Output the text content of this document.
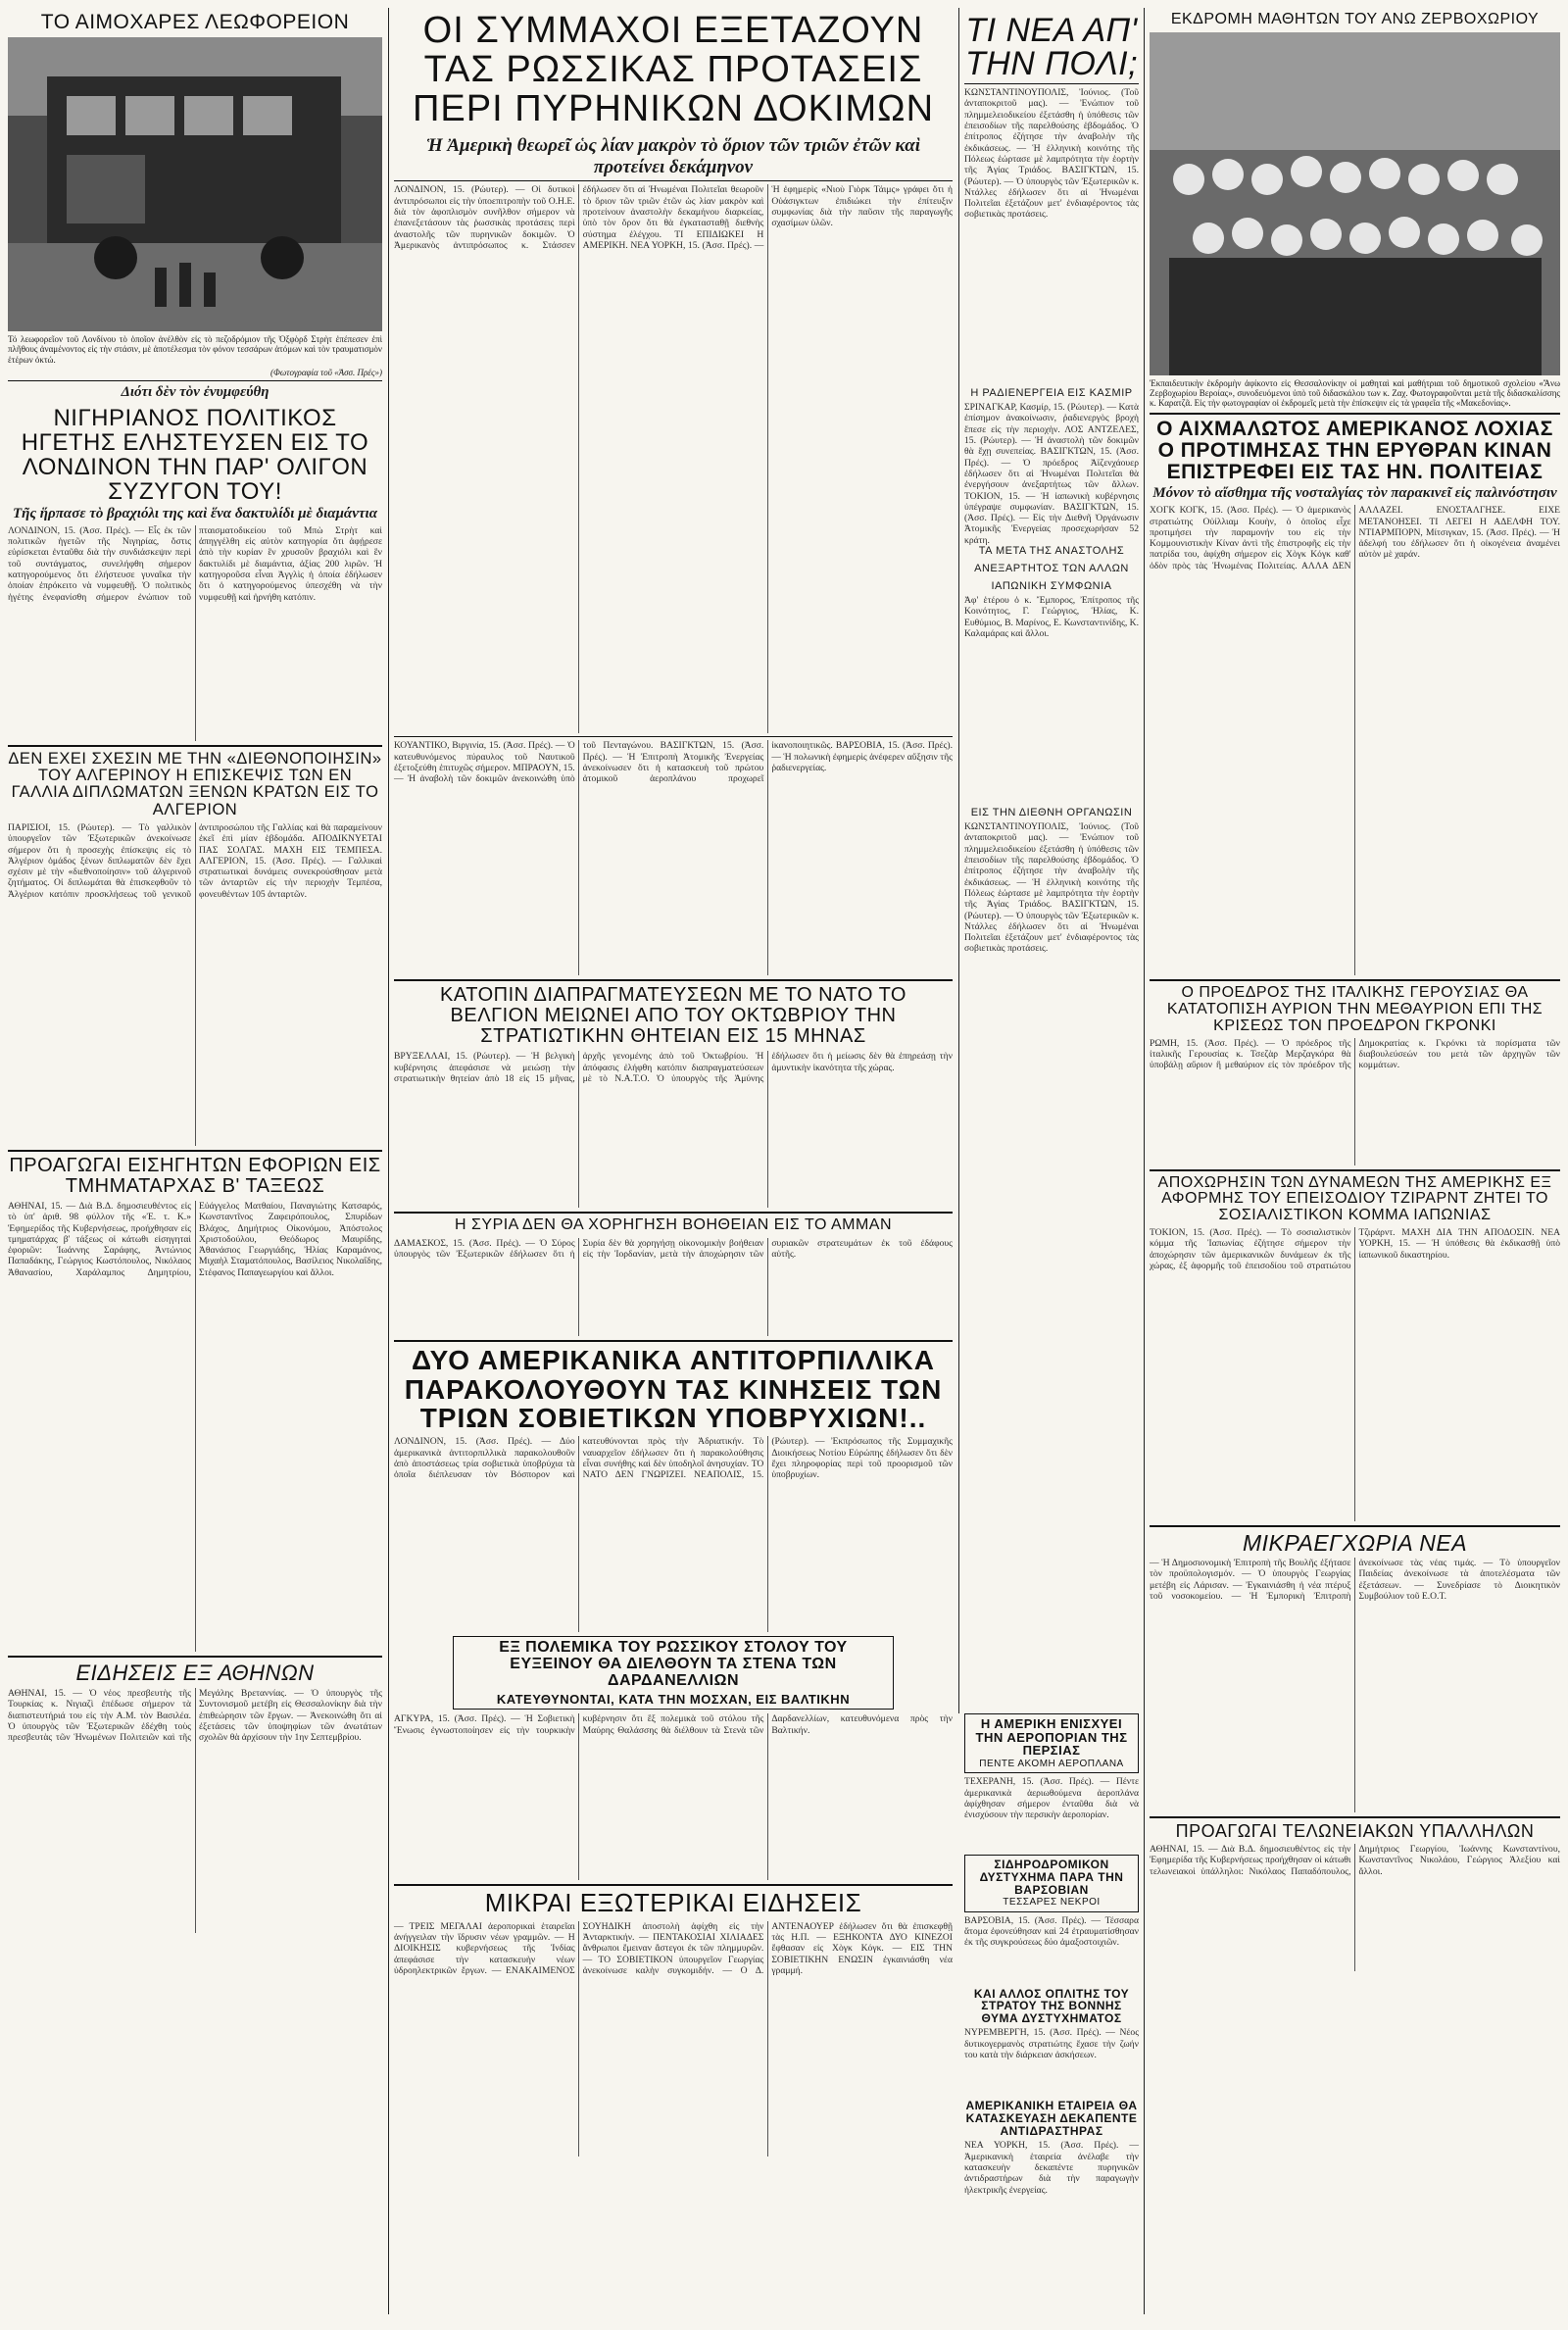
ΤΟ ΑΙΜΟΧΑΡΕΣ ΛΕΩΦΟΡΕΙΟΝ

Τό λεωφορεῖον τοῦ Λονδίνου τὸ ὁποῖον ἀνέλθὸν εἰς τὸ πεζοδρόμιον τῆς Ὀξφὸρδ Στρὴτ ἐπέπεσεν ἐπὶ πλῆθους ἀναμένοντος εἰς τὴν στάσιν, μὲ ἀποτέλεσμα τὸν φόνον τεσσάρων ἀτόμων καὶ τὸν τραυματισμὸν ἑτέρων ὀκτώ.

(Φωτογραφία τοῦ «Ἀσσ. Πρές»)

Διότι δὲν τὸν ἐνυμφεύθη
ΝΙΓΗΡΙΑΝΟΣ ΠΟΛΙΤΙΚΟΣ ΗΓΕΤΗΣ ΕΛΗΣΤΕΥΣΕΝ ΕΙΣ ΤΟ ΛΟΝΔΙΝΟΝ ΤΗΝ ΠΑΡ' ΟΛΙΓΟΝ ΣΥΖΥΓΟΝ ΤΟΥ!
Τῆς ἥρπασε τὸ βραχιόλι της καὶ ἕνα δακτυλίδι μὲ διαμάντια

ΛΟΝΔΙΝΟΝ, 15. (Ἀσσ. Πρές). — Εἷς ἐκ τῶν πολιτικῶν ἡγετῶν τῆς Νιγηρίας, ὅστις εὑρίσκεται ἐνταῦθα διὰ τὴν συνδιάσκεψιν περὶ τοῦ συντάγματος, συνελήφθη σήμερον κατηγορούμενος ὅτι ἐλήστευσε γυναῖκα τὴν ὁποίαν ἐπρόκειτο νὰ νυμφευθῇ. Ὁ πολιτικὸς ἡγέτης ἐνεφανίσθη σήμερον ἐνώπιον τοῦ πταισματοδικείου τοῦ Μπὼ Στρὴτ καὶ ἀπηγγέλθη εἰς αὐτὸν κατηγορία ὅτι ἀφῄρεσε ἀπὸ τὴν κυρίαν ἓν χρυσοῦν βραχιόλι καὶ ἓν δακτυλίδι μὲ διαμάντια, ἀξίας 200 λιρῶν. Ἡ κατηγοροῦσα εἶναι Ἀγγλὶς ἡ ὁποία ἐδήλωσεν ὅτι ὁ κατηγορούμενος ὑπεσχέθη νὰ τὴν νυμφευθῇ καὶ ἠρνήθη κατόπιν.

ΔΕΝ ΕΧΕΙ ΣΧΕΣΙΝ ΜΕ ΤΗΝ «ΔΙΕΘΝΟΠΟΙΗΣΙΝ» ΤΟΥ ΑΛΓΕΡΙΝΟΥ Η ΕΠΙΣΚΕΨΙΣ ΤΩΝ ΕΝ ΓΑΛΛΙΑ ΔΙΠΛΩΜΑΤΩΝ ΞΕΝΩΝ ΚΡΑΤΩΝ ΕΙΣ ΤΟ ΑΛΓΕΡΙΟΝ

ΠΑΡΙΣΙΟΙ, 15. (Ρώυτερ). — Τὸ γαλλικὸν ὑπουργεῖον τῶν Ἐξωτερικῶν ἀνεκοίνωσε σήμερον ὅτι ἡ προσεχὴς ἐπίσκεψις εἰς τὸ Ἀλγέριον ὁμάδος ξένων διπλωματῶν δὲν ἔχει σχέσιν μὲ τὴν «διεθνοποίησιν» τοῦ ἀλγερινοῦ ζητήματος. Οἱ διπλωμάται θὰ ἐπισκεφθοῦν τὸ Ἀλγέριον κατόπιν προσκλήσεως τοῦ γενικοῦ ἀντιπροσώπου τῆς Γαλλίας καὶ θὰ παραμείνουν ἐκεῖ ἐπὶ μίαν ἑβδομάδα. ΑΠΟΔΙΚΝΥΕΤΑΙ ΠΑΣ ΣΟΛΓΑΣ. ΜΑΧΗ ΕΙΣ ΤΕΜΠΕΣΑ. ΑΛΓΕΡΙΟΝ, 15. (Ἀσσ. Πρές). — Γαλλικαὶ στρατιωτικαὶ δυνάμεις συνεκρούσθησαν μετὰ τῶν ἀνταρτῶν εἰς τὴν περιοχὴν Τεμπέσα, φονευθέντων 105 ἀνταρτῶν.

ΠΡΟΑΓΩΓΑΙ ΕΙΣΗΓΗΤΩΝ ΕΦΟΡΙΩΝ ΕΙΣ ΤΜΗΜΑΤΑΡΧΑΣ Β' ΤΑΞΕΩΣ

ΑΘΗΝΑΙ, 15. — Διὰ Β.Δ. δημοσιευθέντος εἰς τὸ ὑπ' ἀριθ. 98 φύλλον τῆς «Ἐ. τ. Κ.» Ἐφημερίδος τῆς Κυβερνήσεως, προήχθησαν εἰς τμηματάρχας β' τάξεως οἱ κάτωθι εἰσηγηταὶ ἐφοριῶν: Ἰωάννης Σαράφης, Ἀντώνιος Παπαδάκης, Γεώργιος Κωστόπουλος, Νικόλαος Ἀθανασίου, Χαράλαμπος Δημητρίου, Εὐάγγελος Ματθαίου, Παναγιώτης Κατσαρός, Κωνσταντῖνος Ζαφειρόπουλος, Σπυρίδων Βλάχος, Δημήτριος Οἰκονόμου, Ἀπόστολος Χριστοδούλου, Θεόδωρος Μαυρίδης, Ἀθανάσιος Γεωργιάδης, Ἠλίας Καραμάνος, Μιχαὴλ Σταματόπουλος, Βασίλειος Νικολαΐδης, Στέφανος Παπαγεωργίου καὶ ἄλλοι.

ΕΙΔΗΣΕΙΣ ΕΞ ΑΘΗΝΩΝ

ΑΘΗΝΑΙ, 15. — Ὁ νέος πρεσβευτὴς τῆς Τουρκίας κ. Νιγιαζὶ ἐπέδωσε σήμερον τὰ διαπιστευτήριά του εἰς τὴν Α.Μ. τὸν Βασιλέα. Ὁ ὑπουργὸς τῶν Ἐξωτερικῶν ἐδέχθη τοὺς πρεσβευτὰς τῶν Ἡνωμένων Πολιτειῶν καὶ τῆς Μεγάλης Βρεταννίας. — Ὁ ὑπουργὸς τῆς Συντονισμοῦ μετέβη εἰς Θεσσαλονίκην διὰ τὴν ἐπιθεώρησιν τῶν ἔργων. — Ἀνεκοινώθη ὅτι αἱ ἐξετάσεις τῶν ὑποψηφίων τῶν ἀνωτάτων σχολῶν θὰ ἀρχίσουν τὴν 1ην Σεπτεμβρίου.

ΟΙ ΣΥΜΜΑΧΟΙ ΕΞΕΤΑΖΟΥΝ ΤΑΣ ΡΩΣΣΙΚΑΣ ΠΡΟΤΑΣΕΙΣ ΠΕΡΙ ΠΥΡΗΝΙΚΩΝ ΔΟΚΙΜΩΝ
Ἡ Ἀμερικὴ θεωρεῖ ὡς λίαν μακρὸν τὸ ὅριον τῶν τριῶν ἐτῶν καὶ προτείνει δεκάμηνον

ΛΟΝΔΙΝΟΝ, 15. (Ρώυτερ). — Οἱ δυτικοὶ ἀντιπρόσωποι εἰς τὴν ὑποεπιτροπὴν τοῦ Ο.Η.Ε. διὰ τὸν ἀφοπλισμὸν συνῆλθον σήμερον νὰ ἐπανεξετάσουν τὰς ῥωσσικὰς προτάσεις περὶ ἀναστολῆς τῶν πυρηνικῶν δοκιμῶν. Ὁ Ἀμερικανὸς ἀντιπρόσωπος κ. Στάσσεν ἐδήλωσεν ὅτι αἱ Ἡνωμέναι Πολιτεῖαι θεωροῦν τὸ ὅριον τῶν τριῶν ἐτῶν ὡς λίαν μακρὸν καὶ προτείνουν ἀναστολὴν δεκαμήνου διαρκείας, ὑπὸ τὸν ὅρον ὅτι θὰ ἐγκατασταθῇ διεθνὴς σύστημα ἐλέγχου. ΤΙ ΕΠΙΔΙΩΚΕΙ Η ΑΜΕΡΙΚΗ. ΝΕΑ ΥΟΡΚΗ, 15. (Ἀσσ. Πρές). — Ἡ ἐφημερὶς «Νιοὺ Γιὸρκ Τάιμς» γράφει ὅτι ἡ Οὐάσιγκτων ἐπιδιώκει τὴν ἐπίτευξιν συμφωνίας διὰ τὴν παῦσιν τῆς παραγωγῆς σχασίμων ὑλῶν.

ΚΟΥΑΝΤΙΚΟ, Βιργινία, 15. (Ἀσσ. Πρές). — Ὁ κατευθυνόμενος πύραυλος τοῦ Ναυτικοῦ ἐξετοξεύθη ἐπιτυχῶς σήμερον. ΜΠΡΑΟΥΝ, 15. — Ἡ ἀναβολὴ τῶν δοκιμῶν ἀνεκοινώθη ὑπὸ τοῦ Πενταγώνου. ΒΑΣΙΓΚΤΩΝ, 15. (Ἀσσ. Πρές). — Ἡ Ἐπιτροπὴ Ἀτομικῆς Ἐνεργείας ἀνεκοίνωσεν ὅτι ἡ κατασκευὴ τοῦ πρώτου ἀτομικοῦ ἀεροπλάνου προχωρεῖ ἱκανοποιητικῶς. ΒΑΡΣΟΒΙΑ, 15. (Ἀσσ. Πρές). — Ἡ πολωνικὴ ἐφημερὶς ἀνέφερεν αὔξησιν τῆς ῥαδιενεργείας.

ΚΑΤΟΠΙΝ ΔΙΑΠΡΑΓΜΑΤΕΥΣΕΩΝ ΜΕ ΤΟ ΝΑΤΟ ΤΟ ΒΕΛΓΙΟΝ ΜΕΙΩΝΕΙ ΑΠΟ ΤΟΥ ΟΚΤΩΒΡΙΟΥ ΤΗΝ ΣΤΡΑΤΙΩΤΙΚΗΝ ΘΗΤΕΙΑΝ ΕΙΣ 15 ΜΗΝΑΣ

ΒΡΥΞΕΛΛΑΙ, 15. (Ρώυτερ). — Ἡ βελγικὴ κυβέρνησις ἀπεφάσισε νὰ μειώσῃ τὴν στρατιωτικὴν θητείαν ἀπὸ 18 εἰς 15 μῆνας, ἀρχῆς γενομένης ἀπὸ τοῦ Ὀκτωβρίου. Ἡ ἀπόφασις ἐλήφθη κατόπιν διαπραγματεύσεων μὲ τὸ Ν.Α.Τ.Ο. Ὁ ὑπουργὸς τῆς Ἀμύνης ἐδήλωσεν ὅτι ἡ μείωσις δὲν θὰ ἐπηρεάσῃ τὴν ἀμυντικὴν ἱκανότητα τῆς χώρας.

Η ΣΥΡΙΑ ΔΕΝ ΘΑ ΧΟΡΗΓΗΣΗ ΒΟΗΘΕΙΑΝ ΕΙΣ ΤΟ ΑΜΜΑΝ

ΔΑΜΑΣΚΟΣ, 15. (Ἀσσ. Πρές). — Ὁ Σύρος ὑπουργὸς τῶν Ἐξωτερικῶν ἐδήλωσεν ὅτι ἡ Συρία δὲν θὰ χορηγήσῃ οἰκονομικὴν βοήθειαν εἰς τὴν Ἰορδανίαν, μετὰ τὴν ἀποχώρησιν τῶν συριακῶν στρατευμάτων ἐκ τοῦ ἐδάφους αὐτῆς.

ΔΥΟ ΑΜΕΡΙΚΑΝΙΚΑ ΑΝΤΙΤΟΡΠΙΛΛΙΚΑ ΠΑΡΑΚΟΛΟΥΘΟΥΝ ΤΑΣ ΚΙΝΗΣΕΙΣ ΤΩΝ ΤΡΙΩΝ ΣΟΒΙΕΤΙΚΩΝ ΥΠΟΒΡΥΧΙΩΝ!..

ΛΟΝΔΙΝΟΝ, 15. (Ἀσσ. Πρές). — Δύο ἀμερικανικὰ ἀντιτορπιλλικὰ παρακολουθοῦν ἀπὸ ἀποστάσεως τρία σοβιετικὰ ὑποβρύχια τὰ ὁποῖα διέπλευσαν τὸν Βόσπορον καὶ κατευθύνονται πρὸς τὴν Ἀδριατικήν. Τὸ ναυαρχεῖον ἐδήλωσεν ὅτι ἡ παρακολούθησις εἶναι συνήθης καὶ δὲν ὑποδηλοῖ ἀνησυχίαν. ΤΟ ΝΑΤΟ ΔΕΝ ΓΝΩΡΙΖΕΙ. ΝΕΑΠΟΛΙΣ, 15. (Ρώυτερ). — Ἐκπρόσωπος τῆς Συμμαχικῆς Διοικήσεως Νοτίου Εὐρώπης ἐδήλωσεν ὅτι δὲν ἔχει πληροφορίας περὶ τοῦ προορισμοῦ τῶν ὑποβρυχίων.

ΕΞ ΠΟΛΕΜΙΚΑ ΤΟΥ ΡΩΣΣΙΚΟΥ ΣΤΟΛΟΥ ΤΟΥ ΕΥΞΕΙΝΟΥ ΘΑ ΔΙΕΛΘΟΥΝ ΤΑ ΣΤΕΝΑ ΤΩΝ ΔΑΡΔΑΝΕΛΛΙΩΝ
ΚΑΤΕΥΘΥΝΟΝΤΑΙ, ΚΑΤΑ ΤΗΝ ΜΟΣΧΑΝ, ΕΙΣ ΒΑΛΤΙΚΗΝ

ΑΓΚΥΡΑ, 15. (Ἀσσ. Πρές). — Ἡ Σοβιετικὴ Ἕνωσις ἐγνωστοποίησεν εἰς τὴν τουρκικὴν κυβέρνησιν ὅτι ἓξ πολεμικὰ τοῦ στόλου τῆς Μαύρης Θαλάσσης θὰ διέλθουν τὰ Στενὰ τῶν Δαρδανελλίων, κατευθυνόμενα πρὸς τὴν Βαλτικήν.

ΜΙΚΡΑΙ ΕΞΩΤΕΡΙΚΑΙ ΕΙΔΗΣΕΙΣ

— ΤΡΕΙΣ ΜΕΓΑΛΑΙ ἀεροπορικαὶ ἑταιρεῖαι ἀνήγγειλαν τὴν ἵδρυσιν νέων γραμμῶν. — Η ΔΙΟΙΚΗΣΙΣ κυβερνήσεως τῆς Ἰνδίας ἀπεφάσισε τὴν κατασκευὴν νέων ὑδροηλεκτρικῶν ἔργων. — ΕΝΑΚΑΙΜΕΝΟΣ ΣΟΥΗΔΙΚΗ ἀποστολὴ ἀφίχθη εἰς τὴν Ἀνταρκτικήν. — ΠΕΝΤΑΚΟΣΙΑΙ ΧΙΛΙΑΔΕΣ ἄνθρωποι ἔμειναν ἄστεγοι ἐκ τῶν πλημμυρῶν. — ΤΟ ΣΟΒΙΕΤΙΚΟΝ ὑπουργεῖον Γεωργίας ἀνεκοίνωσε καλὴν συγκομιδήν. — Ο Δ. ΑΝΤΕΝΑΟΥΕΡ ἐδήλωσεν ὅτι θὰ ἐπισκεφθῇ τὰς Η.Π. — ΕΞΗΚΟΝΤΑ ΔΥΟ ΚΙΝΕΖΟΙ ἔφθασαν εἰς Χὸγκ Κόγκ. — ΕΙΣ ΤΗΝ ΣΟΒΙΕΤΙΚΗΝ ΕΝΩΣΙΝ ἐγκαινιάσθη νέα γραμμή.

ΤΙ ΝΕΑ ΑΠ' ΤΗΝ ΠΟΛΙ;

ΚΩΝΣΤΑΝΤΙΝΟΥΠΟΛΙΣ, Ἰούνιος. (Τοῦ ἀνταποκριτοῦ μας). — Ἐνώπιον τοῦ πλημμελειοδικείου ἐξετάσθη ἡ ὑπόθεσις τῶν ἐπεισοδίων τῆς παρελθούσης ἑβδομάδος. Ὁ ἐπίτροπος ἐζήτησε τὴν ἀναβολὴν τῆς ἐκδικάσεως. — Ἡ ἑλληνικὴ κοινότης τῆς Πόλεως ἑώρτασε μὲ λαμπρότητα τὴν ἑορτὴν τῆς Ἁγίας Τριάδος. ΒΑΣΙΓΚΤΩΝ, 15. (Ρώυτερ). — Ὁ ὑπουργὸς τῶν Ἐξωτερικῶν κ. Ντάλλες ἐδήλωσεν ὅτι αἱ Ἡνωμέναι Πολιτεῖαι ἐξετάζουν μετ' ἐνδιαφέροντος τὰς σοβιετικὰς προτάσεις.

Η ΡΑΔΙΕΝΕΡΓΕΙΑ ΕΙΣ ΚΑΣΜΙΡ

ΣΡΙΝΑΓΚΑΡ, Κασμίρ, 15. (Ρώυτερ). — Κατὰ ἐπίσημον ἀνακοίνωσιν, ῥαδιενεργὸς βροχὴ ἔπεσε εἰς τὴν περιοχὴν. ΛΟΣ ΑΝΤΖΕΛΕΣ, 15. (Ρώυτερ). — Ἡ ἀναστολὴ τῶν δοκιμῶν θὰ ἔχῃ συνεπείας. ΒΑΣΙΓΚΤΩΝ, 15. (Ἀσσ. Πρές). — Ὁ πρόεδρος Ἀϊζενχάουερ ἐδήλωσεν ὅτι αἱ Ἡνωμέναι Πολιτεῖαι θὰ ἐνεργήσουν ἀνεξαρτήτως τῶν ἄλλων. ΤΟΚΙΟΝ, 15. — Ἡ ἰαπωνικὴ κυβέρνησις ὑπέγραψε συμφωνίαν. ΒΑΣΙΓΚΤΩΝ, 15. (Ἀσσ. Πρές). — Εἰς τὴν Διεθνῆ Ὀργάνωσιν Ἀτομικῆς Ἐνεργείας προσεχωρήσαν 52 κράτη.

ΤΑ ΜΕΤΑ ΤΗΣ ΑΝΑΣΤΟΛΗΣ
ΑΝΕΞΑΡΤΗΤΟΣ ΤΩΝ ΑΛΛΩΝ
ΙΑΠΩΝΙΚΗ ΣΥΜΦΩΝΙΑ

Ἀφ' ἑτέρου ὁ κ. Ἔμπορος, Ἐπίτροπος τῆς Κοινότητος, Γ. Γεώργιος, Ἡλίας, Κ. Ευθύμιος, Β. Μαρίνος, Ε. Κωνσταντινίδης, Κ. Καλαμάρας καὶ ἄλλοι.

ΕΙΣ ΤΗΝ ΔΙΕΘΝΗ ΟΡΓΑΝΩΣΙΝ

ΚΩΝΣΤΑΝΤΙΝΟΥΠΟΛΙΣ, Ἰούνιος. (Τοῦ ἀνταποκριτοῦ μας). — Ἐνώπιον τοῦ πλημμελειοδικείου ἐξετάσθη ἡ ὑπόθεσις τῶν ἐπεισοδίων τῆς παρελθούσης ἑβδομάδος. Ὁ ἐπίτροπος ἐζήτησε τὴν ἀναβολὴν τῆς ἐκδικάσεως. — Ἡ ἑλληνικὴ κοινότης τῆς Πόλεως ἑώρτασε μὲ λαμπρότητα τὴν ἑορτὴν τῆς Ἁγίας Τριάδος. ΒΑΣΙΓΚΤΩΝ, 15. (Ρώυτερ). — Ὁ ὑπουργὸς τῶν Ἐξωτερικῶν κ. Ντάλλες ἐδήλωσεν ὅτι αἱ Ἡνωμέναι Πολιτεῖαι ἐξετάζουν μετ' ἐνδιαφέροντος τὰς σοβιετικὰς προτάσεις.

Η ΑΜΕΡΙΚΗ ΕΝΙΣΧΥΕΙ ΤΗΝ ΑΕΡΟΠΟΡΙΑΝ ΤΗΣ ΠΕΡΣΙΑΣ
ΠΕΝΤΕ ΑΚΟΜΗ ΑΕΡΟΠΛΑΝΑ

ΤΕΧΕΡΑΝΗ, 15. (Ἀσσ. Πρές). — Πέντε ἀμερικανικὰ ἀεριωθούμενα ἀεροπλάνα ἀφίχθησαν σήμερον ἐνταῦθα διὰ νὰ ἐνισχύσουν τὴν περσικὴν ἀεροπορίαν.

ΣΙΔΗΡΟΔΡΟΜΙΚΟΝ ΔΥΣΤΥΧΗΜΑ ΠΑΡΑ ΤΗΝ ΒΑΡΣΟΒΙΑΝ
ΤΕΣΣΑΡΕΣ ΝΕΚΡΟΙ

ΒΑΡΣΟΒΙΑ, 15. (Ἀσσ. Πρές). — Τέσσαρα ἄτομα ἐφονεύθησαν καὶ 24 ἐτραυματίσθησαν ἐκ τῆς συγκρούσεως δύο ἀμαξοστοιχιῶν.

ΚΑΙ ΑΛΛΟΣ ΟΠΛΙΤΗΣ ΤΟΥ ΣΤΡΑΤΟΥ ΤΗΣ ΒΟΝΝΗΣ ΘΥΜΑ ΔΥΣΤΥΧΗΜΑΤΟΣ

ΝΥΡΕΜΒΕΡΓΗ, 15. (Ἀσσ. Πρές). — Νέος δυτικογερμανὸς στρατιώτης ἔχασε τὴν ζωήν του κατὰ τὴν διάρκειαν ἀσκήσεων.

ΑΜΕΡΙΚΑΝΙΚΗ ΕΤΑΙΡΕΙΑ ΘΑ ΚΑΤΑΣΚΕΥΑΣΗ ΔΕΚΑΠΕΝΤΕ ΑΝΤΙΔΡΑΣΤΗΡΑΣ

ΝΕΑ ΥΟΡΚΗ, 15. (Ἀσσ. Πρές). — Ἀμερικανικὴ ἑταιρεία ἀνέλαβε τὴν κατασκευὴν δεκαπέντε πυρηνικῶν ἀντιδραστήρων διὰ τὴν παραγωγὴν ἠλεκτρικῆς ἐνεργείας.

ΕΚΔΡΟΜΗ ΜΑΘΗΤΩΝ ΤΟΥ ΑΝΩ ΖΕΡΒΟΧΩΡΙΟΥ

Ἐκπαιδευτικὴν ἐκδρομὴν ἀφίκοντο εἰς Θεσσαλονίκην οἱ μαθηταὶ καὶ μαθήτριαι τοῦ δημοτικοῦ σχολείου «Ἄνω Ζερβοχωρίου Βεροίας», συνοδευόμενοι ὑπὸ τοῦ διδασκάλου των κ. Ζαχ. Φωτογραφοῦνται μετὰ τῆς διδασκαλίσσης κ. Καρατζᾶ. Εἰς τὴν φωτογραφίαν οἱ ἐκδρομεῖς μετὰ τὴν ἐπίσκεψιν εἰς τὰ γραφεῖα τῆς «Μακεδονίας».

Ο ΑΙΧΜΑΛΩΤΟΣ ΑΜΕΡΙΚΑΝΟΣ ΛΟΧΙΑΣ Ο ΠΡΟΤΙΜΗΣΑΣ ΤΗΝ ΕΡΥΘΡΑΝ ΚΙΝΑΝ ΕΠΙΣΤΡΕΦΕΙ ΕΙΣ ΤΑΣ ΗΝ. ΠΟΛΙΤΕΙΑΣ
Μόνον τὸ αἴσθημα τῆς νοσταλγίας τὸν παρακινεῖ εἰς παλινόστησιν

ΧΟΓΚ ΚΟΓΚ, 15. (Ἀσσ. Πρές). — Ὁ ἀμερικανὸς στρατιώτης Οὐίλλιαμ Κουὴν, ὁ ὁποῖος εἶχε προτιμήσει τὴν παραμονήν του εἰς τὴν Κομμουνιστικὴν Κίναν ἀντὶ τῆς ἐπιστροφῆς εἰς τὴν πατρίδα του, ἀφίχθη σήμερον εἰς Χὸγκ Κόγκ καθ' ὁδὸν πρὸς τὰς Ἡνωμένας Πολιτείας. ΑΛΛΑ ΔΕΝ ΑΛΛΑΖΕΙ. ΕΝΟΣΤΑΛΓΗΣΕ. ΕΙΧΕ ΜΕΤΑΝΟΗΣΕΙ. ΤΙ ΛΕΓΕΙ Η ΑΔΕΛΦΗ ΤΟΥ. ΝΤΙΑΡΜΠΟΡΝ, Μίτσιγκαν, 15. (Ἀσσ. Πρές). — Ἡ ἀδελφή του ἐδήλωσεν ὅτι ἡ οἰκογένεια ἀναμένει αὐτὸν μὲ χαράν.

Ο ΠΡΟΕΔΡΟΣ ΤΗΣ ΙΤΑΛΙΚΗΣ ΓΕΡΟΥΣΙΑΣ ΘΑ ΚΑΤΑΤΟΠΙΣΗ ΑΥΡΙΟΝ ΤΗΝ ΜΕΘΑΥΡΙΟΝ ΕΠΙ ΤΗΣ ΚΡΙΣΕΩΣ ΤΟΝ ΠΡΟΕΔΡΟΝ ΓΚΡΟΝΚΙ

ΡΩΜΗ, 15. (Ἀσσ. Πρές). — Ὁ πρόεδρος τῆς ἰταλικῆς Γερουσίας κ. Τσεζὰρ Μερζαγκόρα θὰ ὑποβάλῃ αὔριον ἢ μεθαύριον εἰς τὸν πρόεδρον τῆς Δημοκρατίας κ. Γκρόνκι τὰ πορίσματα τῶν διαβουλεύσεών του μετὰ τῶν ἀρχηγῶν τῶν κομμάτων.

ΑΠΟΧΩΡΗΣΙΝ ΤΩΝ ΔΥΝΑΜΕΩΝ ΤΗΣ ΑΜΕΡΙΚΗΣ ΕΞ ΑΦΟΡΜΗΣ ΤΟΥ ΕΠΕΙΣΟΔΙΟΥ ΤΖΙΡΑΡΝΤ ΖΗΤΕΙ ΤΟ ΣΟΣΙΑΛΙΣΤΙΚΟΝ ΚΟΜΜΑ ΙΑΠΩΝΙΑΣ

ΤΟΚΙΟΝ, 15. (Ἀσσ. Πρές). — Τὸ σοσιαλιστικὸν κόμμα τῆς Ἰαπωνίας ἐζήτησε σήμερον τὴν ἀποχώρησιν τῶν ἀμερικανικῶν δυνάμεων ἐκ τῆς χώρας, ἐξ ἀφορμῆς τοῦ ἐπεισοδίου τοῦ στρατιώτου Τζιράρντ. ΜΑΧΗ ΔΙΑ ΤΗΝ ΑΠΟΔΟΣΙΝ. ΝΕΑ ΥΟΡΚΗ, 15. — Ἡ ὑπόθεσις θὰ ἐκδικασθῇ ὑπὸ ἰαπωνικοῦ δικαστηρίου.

ΜΙΚΡΑΕΓΧΩΡΙΑ ΝΕΑ

— Ἡ Δημοσιονομικὴ Ἐπιτροπὴ τῆς Βουλῆς ἐξήτασε τὸν προϋπολογισμόν. — Ὁ ὑπουργὸς Γεωργίας μετέβη εἰς Λάρισαν. — Ἐγκαινιάσθη ἡ νέα πτέρυξ τοῦ νοσοκομείου. — Ἡ Ἐμπορικὴ Ἐπιτροπὴ ἀνεκοίνωσε τὰς νέας τιμάς. — Τὸ ὑπουργεῖον Παιδείας ἀνεκοίνωσε τὰ ἀποτελέσματα τῶν ἐξετάσεων. — Συνεδρίασε τὸ Διοικητικὸν Συμβούλιον τοῦ Ε.Ο.Τ.

ΠΡΟΑΓΩΓΑΙ ΤΕΛΩΝΕΙΑΚΩΝ ΥΠΑΛΛΗΛΩΝ

ΑΘΗΝΑΙ, 15. — Διὰ Β.Δ. δημοσιευθέντος εἰς τὴν Ἐφημερίδα τῆς Κυβερνήσεως προήχθησαν οἱ κάτωθι τελωνειακοὶ ὑπάλληλοι: Νικόλαος Παπαδόπουλος, Δημήτριος Γεωργίου, Ἰωάννης Κωνσταντίνου, Κωνσταντῖνος Νικολάου, Γεώργιος Ἀλεξίου καὶ ἄλλοι.
